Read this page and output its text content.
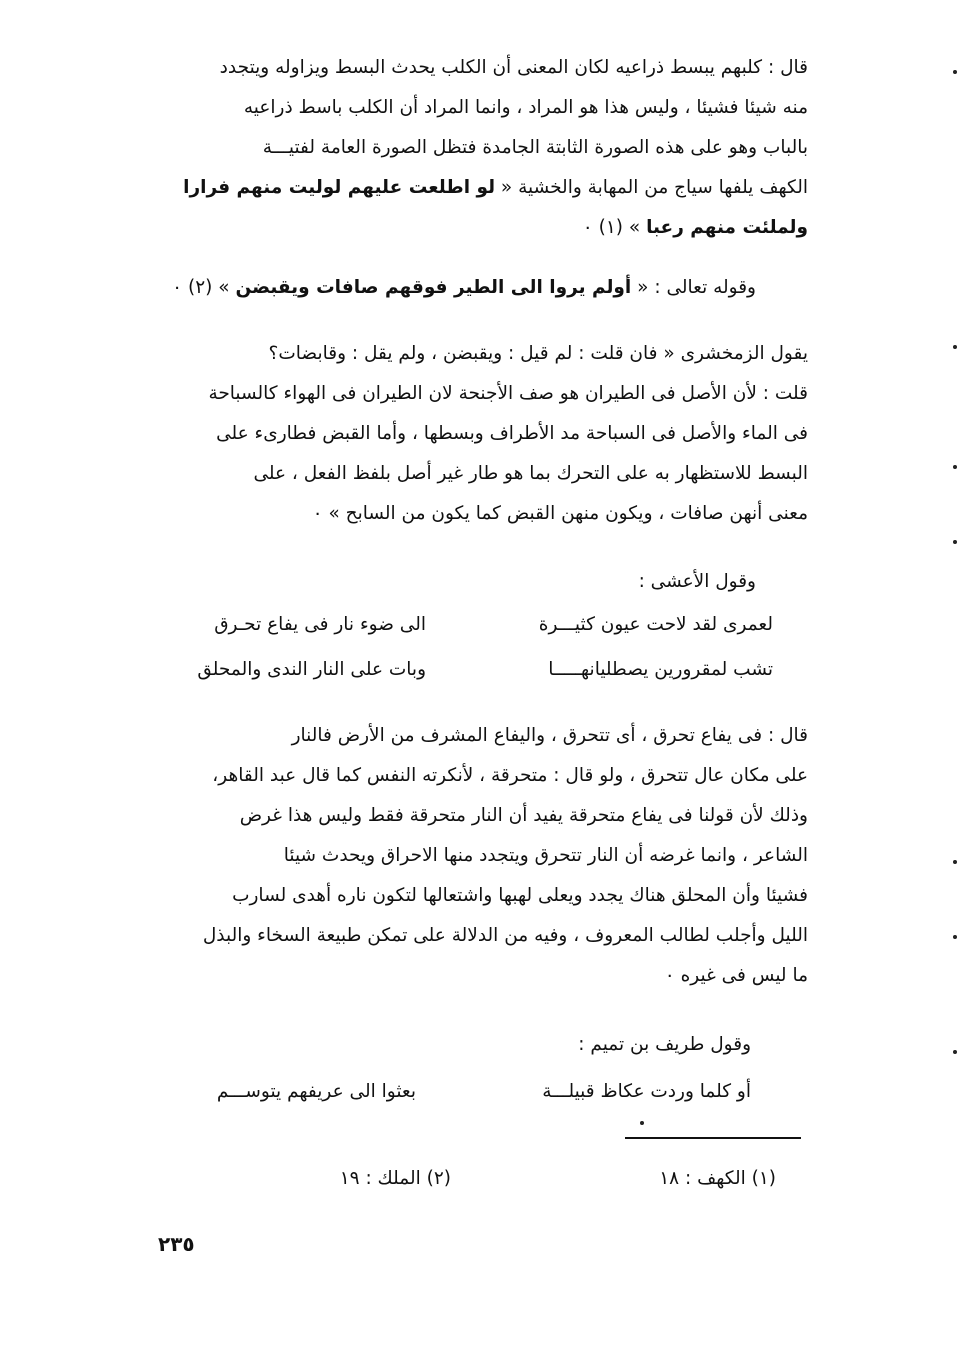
قال : كلبهم يبسط ذراعيه لكان المعنى أن الكلب يحدث البسط ويزاوله ويتجدد
منه شيئا فشيئا ، وليس هذا هو المراد ، وانما المراد أن الكلب باسط ذراعيه
بالباب وهو على هذه الصورة الثابتة الجامدة فتظل الصورة العامة لفتيـــة
الكهف يلفها سياج من المهابة والخشية « لو اطلعت عليهم لوليت منهم فرارا
ولملئت منهم رعبا » (١) ٠
وقوله تعالى : « أولم يروا الى الطير فوقهم صافات ويقبضن » (٢) ٠
يقول الزمخشرى « فان قلت : لم قيل : ويقبضن ، ولم يقل : وقابضات؟
قلت : لأن الأصل فى الطيران هو صف الأجنحة لان الطيران فى الهواء كالسباحة
فى الماء والأصل فى السباحة مد الأطراف وبسطها ، وأما القبض فطارىء على
البسط للاستظهار به على التحرك بما هو طار غير أصل بلفظ الفعل ، على
معنى أنهن صافات ، ويكون منهن القبض كما يكون من السابح » ٠
وقول الأعشى :
لعمرى لقد لاحت عيون كثيـــرة
الى ضوء نار فى يفاع تحـرق
تشب لمقرورين يصطليانهـــــا
وبات على النار الندى والمحلق
قال : فى يفاع تحرق ، أى تتحرق ، واليفاع المشرف من الأرض فالنار
على مكان عال تتحرق ، ولو قال : متحرقة ، لأنكرته النفس كما قال عبد القاهر،
وذلك لأن قولنا فى يفاع متحرقة يفيد أن النار متحرقة فقط وليس هذا غرض
الشاعر ، وانما غرضه أن النار تتحرق ويتجدد منها الاحراق ويحدث شيئا
فشيئا وأن المحلق هناك يجدد ويعلى لهبها واشتعالها لتكون ناره أهدى لسارب
الليل وأجلب لطالب المعروف ، وفيه من الدلالة على تمكن طبيعة السخاء والبذل
ما ليس فى غيره ٠
وقول طريف بن تميم :
أو كلما وردت عكاظ قبيلـــة
بعثوا الى عريفهم يتوســـم
(١) الكهف : ١٨
(٢) الملك : ١٩
٢٣٥
